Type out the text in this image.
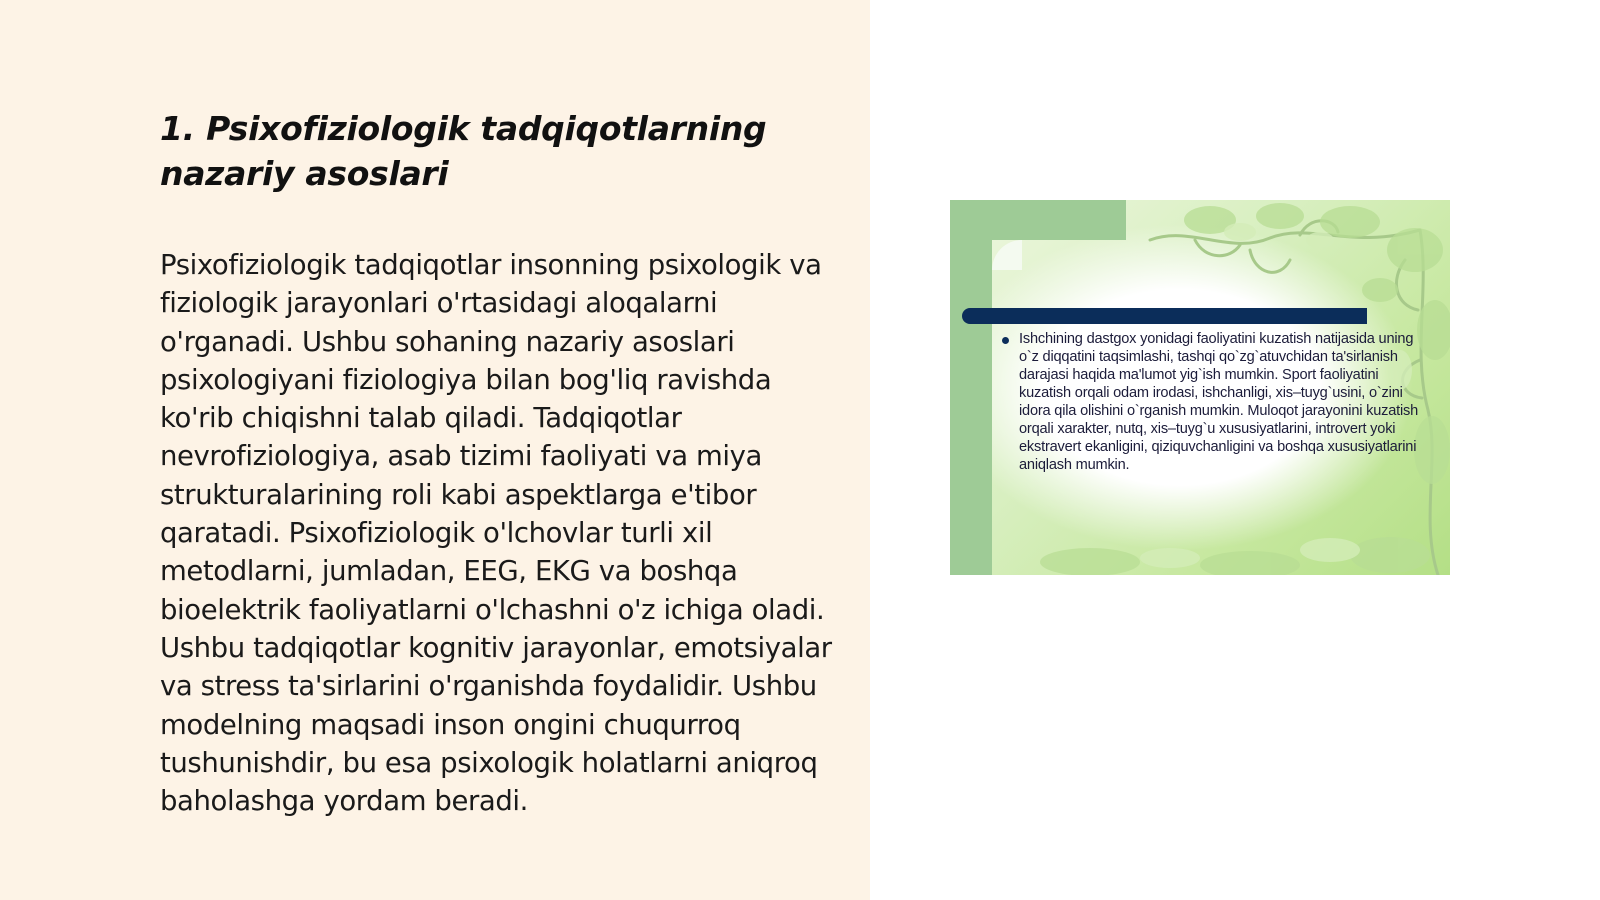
1. Psixofiziologik tadqiqotlarning nazariy asoslari

Psixofiziologik tadqiqotlar insonning psixologik va fiziologik jarayonlari o'rtasidagi aloqalarni o'rganadi. Ushbu sohaning nazariy asoslari psixologiyani fiziologiya bilan bog'liq ravishda ko'rib chiqishni talab qiladi. Tadqiqotlar nevrofiziologiya, asab tizimi faoliyati va miya strukturalarining roli kabi aspektlarga e'tibor qaratadi. Psixofiziologik o'lchovlar turli xil metodlarni, jumladan, EEG, EKG va boshqa bioelektrik faoliyatlarni o'lchashni o'z ichiga oladi. Ushbu tadqiqotlar kognitiv jarayonlar, emotsiyalar va stress ta'sirlarini o'rganishda foydalidir. Ushbu modelning maqsadi inson ongini chuqurroq tushunishdir, bu esa psixologik holatlarni aniqroq baholashga yordam beradi.

Ishchining dastgox yonidagi faoliyatini kuzatish natijasida uning o`z diqqatini taqsimlashi, tashqi qo`zg`atuvchidan ta'sirlanish darajasi haqida ma'lumot yig`ish mumkin. Sport faoliyatini kuzatish orqali odam irodasi, ishchanligi, xis–tuyg`usini, o`zini idora qila olishini o`rganish mumkin. Muloqot jarayonini kuzatish orqali xarakter, nutq, xis–tuyg`u xususiyatlarini, introvert yoki ekstravert ekanligini, qiziquvchanligini va boshqa xususiyatlarini aniqlash mumkin.
